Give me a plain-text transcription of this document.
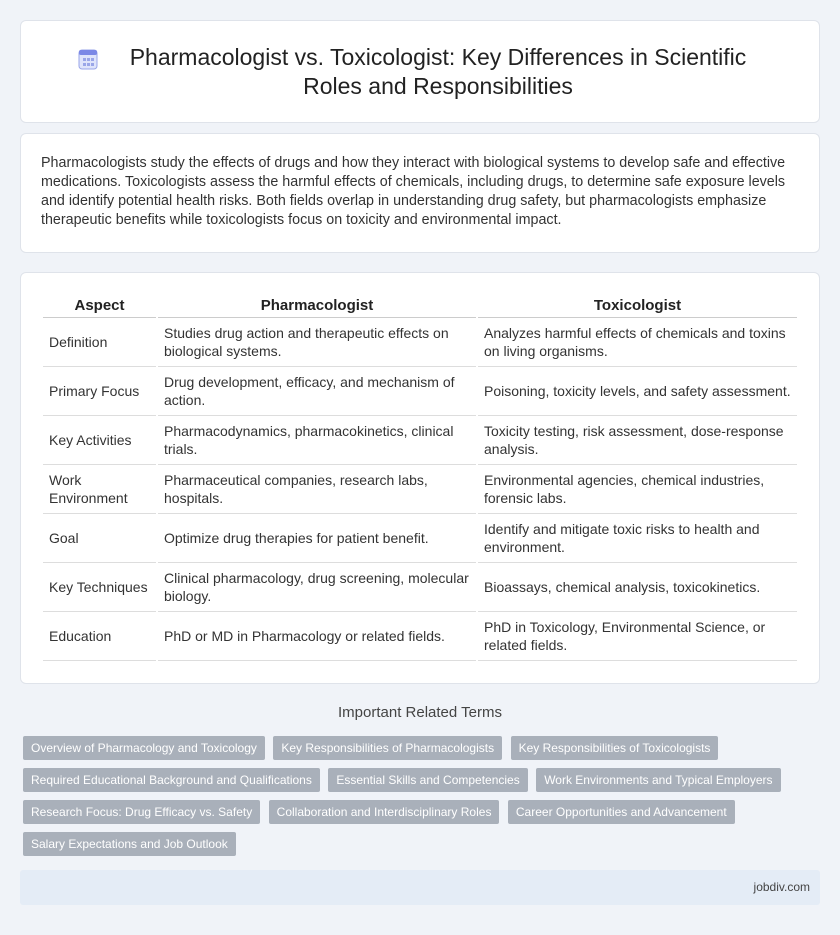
Pharmacologist vs. Toxicologist: Key Differences in Scientific Roles and Responsibilities

Pharmacologists study the effects of drugs and how they interact with biological systems to develop safe and effective medications. Toxicologists assess the harmful effects of chemicals, including drugs, to determine safe exposure levels and identify potential health risks. Both fields overlap in understanding drug safety, but pharmacologists emphasize therapeutic benefits while toxicologists focus on toxicity and environmental impact.

Aspect	Pharmacologist	Toxicologist
Definition	Studies drug action and therapeutic effects on biological systems.	Analyzes harmful effects of chemicals and toxins on living organisms.
Primary Focus	Drug development, efficacy, and mechanism of action.	Poisoning, toxicity levels, and safety assessment.
Key Activities	Pharmacodynamics, pharmacokinetics, clinical trials.	Toxicity testing, risk assessment, dose-response analysis.
Work Environment	Pharmaceutical companies, research labs, hospitals.	Environmental agencies, chemical industries, forensic labs.
Goal	Optimize drug therapies for patient benefit.	Identify and mitigate toxic risks to health and environment.
Key Techniques	Clinical pharmacology, drug screening, molecular biology.	Bioassays, chemical analysis, toxicokinetics.
Education	PhD or MD in Pharmacology or related fields.	PhD in Toxicology, Environmental Science, or related fields.
Important Related Terms
Overview of Pharmacology and Toxicology Key Responsibilities of Pharmacologists Key Responsibilities of Toxicologists Required Educational Background and Qualifications Essential Skills and Competencies Work Environments and Typical Employers Research Focus: Drug Efficacy vs. Safety Collaboration and Interdisciplinary Roles Career Opportunities and Advancement Salary Expectations and Job Outlook
jobdiv.com
